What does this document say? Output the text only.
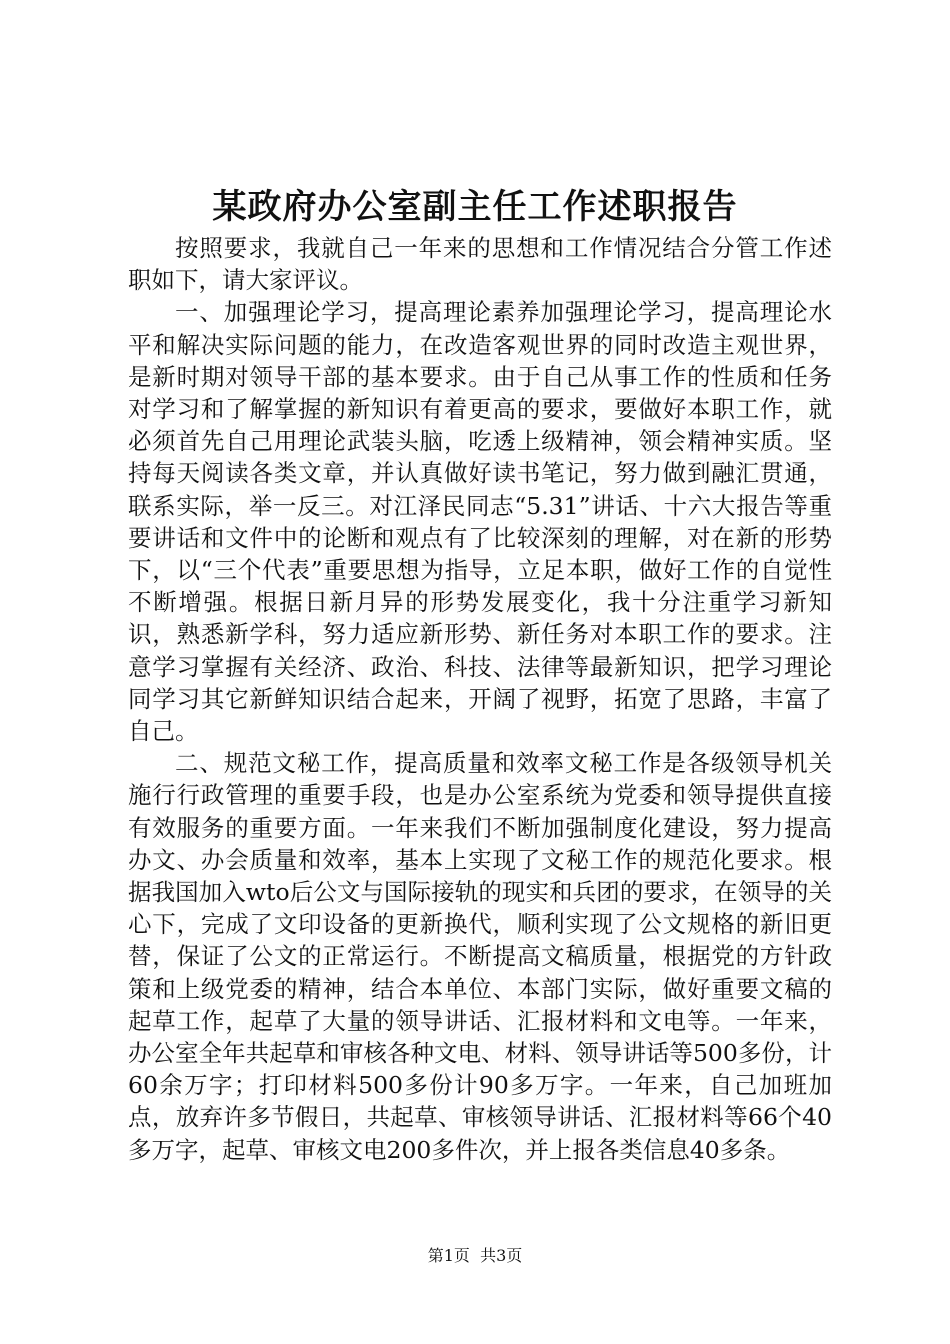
某政府办公室副主任工作述职报告

按照要求，我就自己一年来的思想和工作情况结合分管工作述职如下，请大家评议。

一、加强理论学习，提高理论素养加强理论学习，提高理论水平和解决实际问题的能力，在改造客观世界的同时改造主观世界，是新时期对领导干部的基本要求。由于自己从事工作的性质和任务对学习和了解掌握的新知识有着更高的要求，要做好本职工作，就必须首先自己用理论武装头脑，吃透上级精神，领会精神实质。坚持每天阅读各类文章，并认真做好读书笔记，努力做到融汇贯通，联系实际，举一反三。对江泽民同志“5.31”讲话、十六大报告等重要讲话和文件中的论断和观点有了比较深刻的理解，对在新的形势下，以“三个代表”重要思想为指导，立足本职，做好工作的自觉性不断增强。根据日新月异的形势发展变化，我十分注重学习新知识，熟悉新学科，努力适应新形势、新任务对本职工作的要求。注意学习掌握有关经济、政治、科技、法律等最新知识，把学习理论同学习其它新鲜知识结合起来，开阔了视野，拓宽了思路，丰富了自己。

二、规范文秘工作，提高质量和效率文秘工作是各级领导机关施行行政管理的重要手段，也是办公室系统为党委和领导提供直接有效服务的重要方面。一年来我们不断加强制度化建设，努力提高办文、办会质量和效率，基本上实现了文秘工作的规范化要求。根据我国加入wto后公文与国际接轨的现实和兵团的要求，在领导的关心下，完成了文印设备的更新换代，顺利实现了公文规格的新旧更替，保证了公文的正常运行。不断提高文稿质量，根据党的方针政策和上级党委的精神，结合本单位、本部门实际，做好重要文稿的起草工作，起草了大量的领导讲话、汇报材料和文电等。一年来，办公室全年共起草和审核各种文电、材料、领导讲话等500多份，计60余万字；打印材料500多份计90多万字。一年来，自己加班加点，放弃许多节假日，共起草、审核领导讲话、汇报材料等66个40多万字，起草、审核文电200多件次，并上报各类信息40多条。

第1页  共3页
